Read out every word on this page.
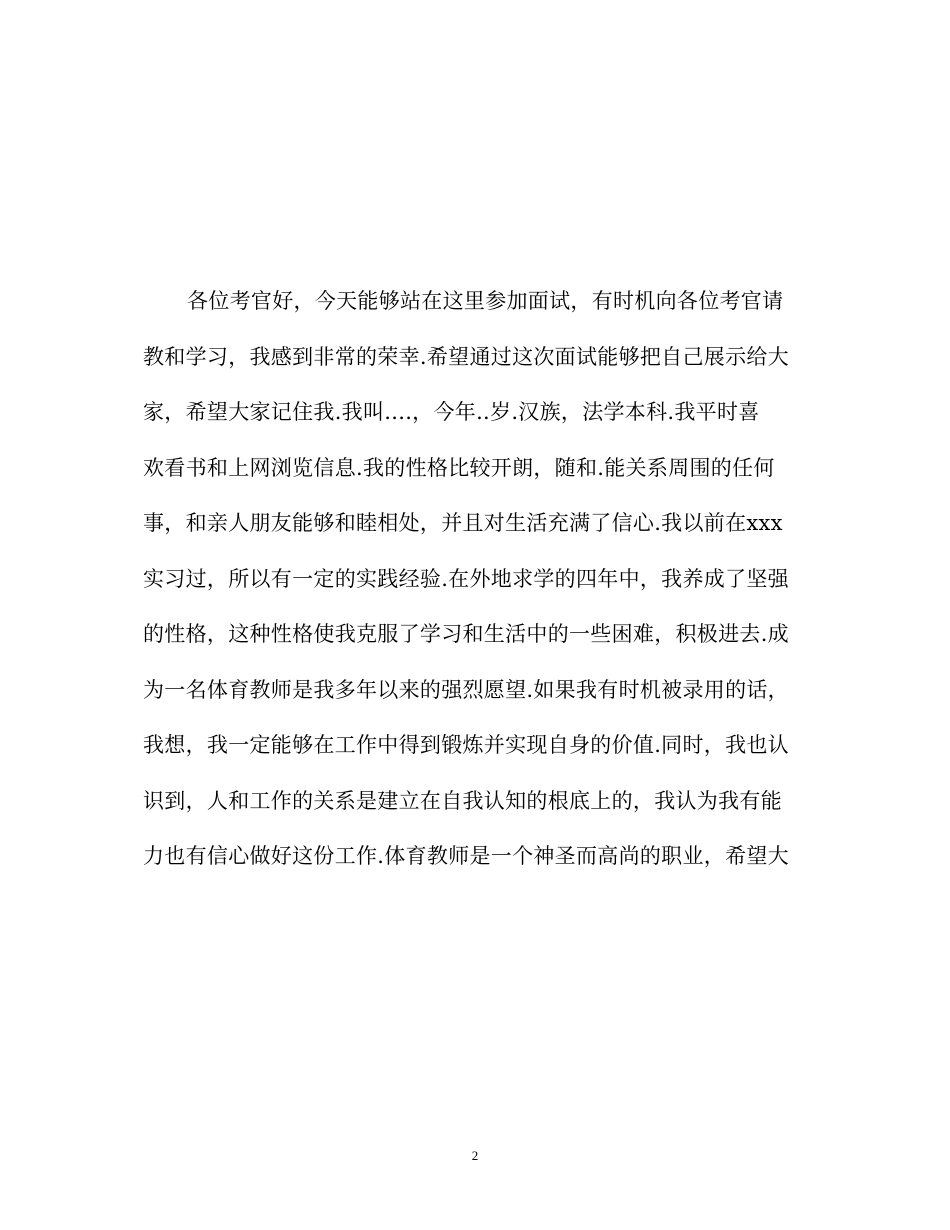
各位考官好，今天能够站在这里参加面试，有时机向各位考官请
教和学习，我感到非常的荣幸.希望通过这次面试能够把自己展示给大
家，希望大家记住我.我叫....，今年..岁.汉族，法学本科.我平时喜
欢看书和上网浏览信息.我的性格比较开朗，随和.能关系周围的任何
事，和亲人朋友能够和睦相处，并且对生活充满了信心.我以前在xxx
实习过，所以有一定的实践经验.在外地求学的四年中，我养成了坚强
的性格，这种性格使我克服了学习和生活中的一些困难，积极进去.成
为一名体育教师是我多年以来的强烈愿望.如果我有时机被录用的话，
我想，我一定能够在工作中得到锻炼并实现自身的价值.同时，我也认
识到，人和工作的关系是建立在自我认知的根底上的，我认为我有能
力也有信心做好这份工作.体育教师是一个神圣而高尚的职业，希望大
2
